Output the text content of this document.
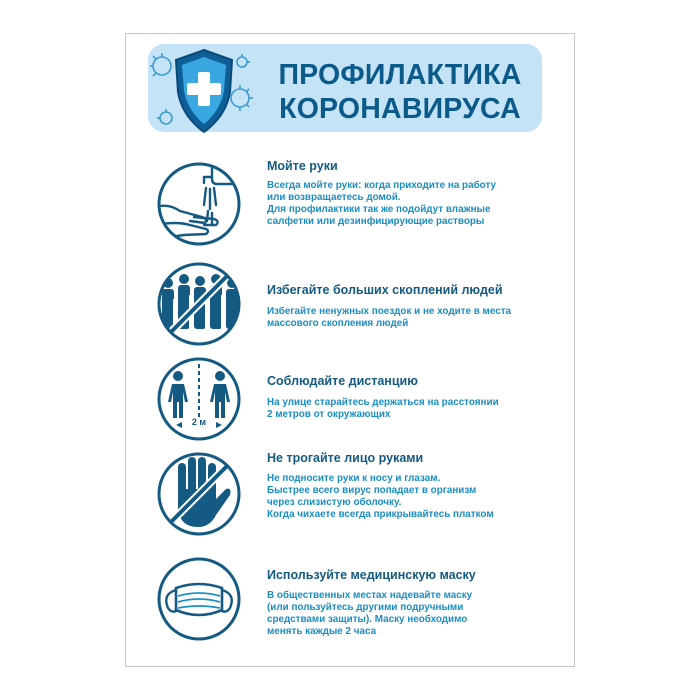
ПРОФИЛАКТИКА
КОРОНАВИРУСА
Мойте руки
Всегда мойте руки: когда приходите на работу
или возвращаетесь домой.
Для профилактики так же подойдут влажные
салфетки или дезинфицирующие растворы
Избегайте больших скоплений людей
Избегайте ненужных поездок и не ходите в места
массового скопления людей
2 м
Соблюдайте дистанцию
На улице старайтесь держаться на расстоянии
2 метров от окружающих
Не трогайте лицо руками
Не подносите руки к носу и глазам.
Быстрее всего вирус попадает в организм
через слизистую оболочку.
Когда чихаете всегда прикрывайтесь платком
Используйте медицинскую маску
В общественных местах надевайте маску
(или пользуйтесь другими подручными
средствами защиты). Маску необходимо
менять каждые 2 часа
